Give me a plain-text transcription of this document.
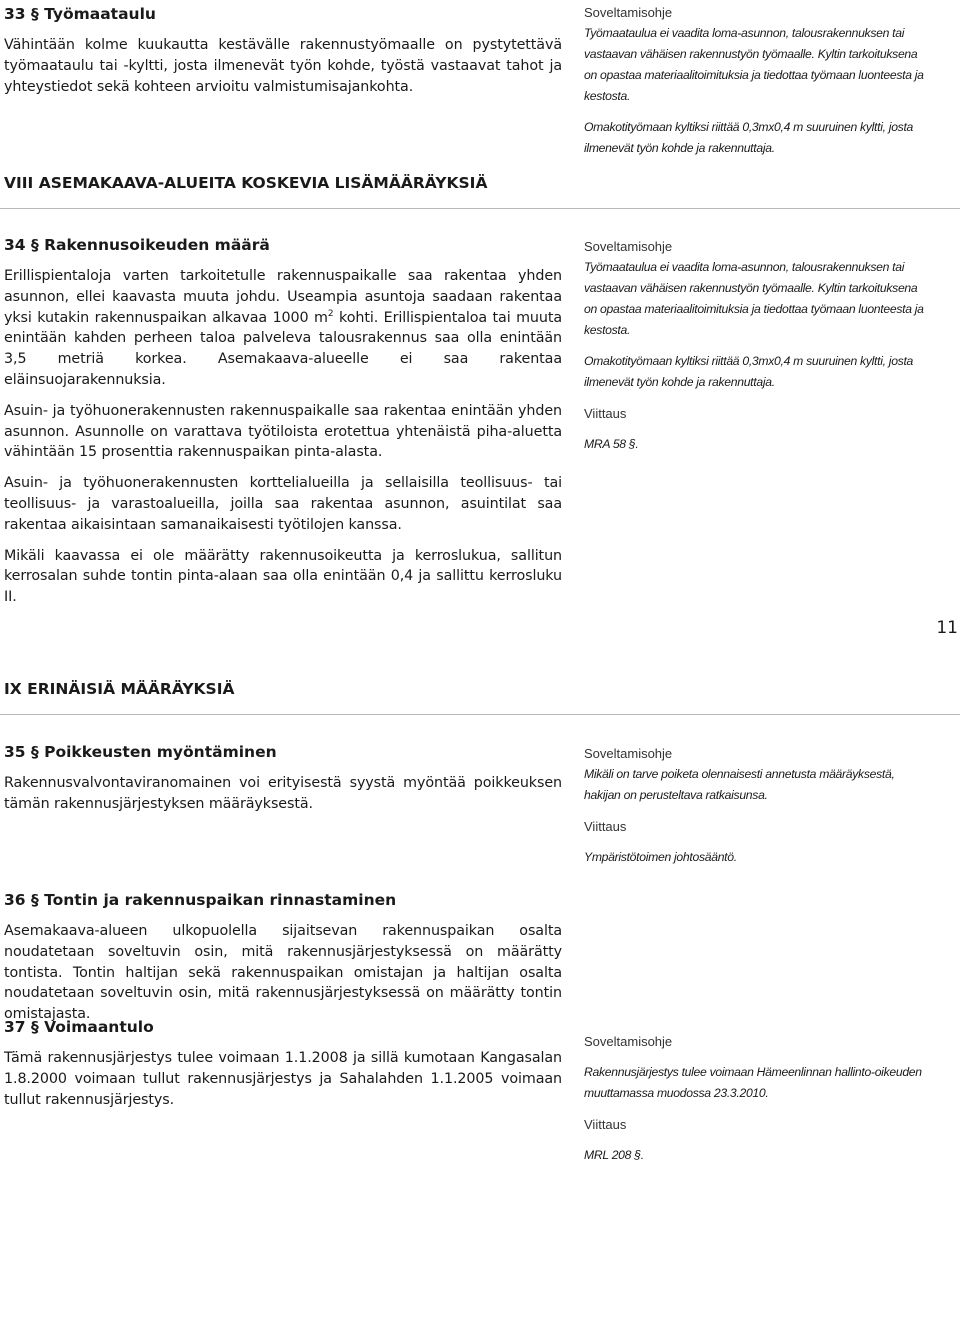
33 § Työmaataulu

Vähintään kolme kuukautta kestävälle rakennustyömaalle on pystytettävä työmaataulu tai -kyltti, josta ilmenevät työn kohde, työstä vastaavat tahot ja yhteystiedot sekä kohteen arvioitu valmistumisajankohta.

Soveltamisohje
Työmaataulua ei vaadita loma-asunnon, talousrakennuksen tai vastaavan vähäisen rakennustyön työmaalle. Kyltin tarkoituksena on opastaa materiaalitoimituksia ja tiedottaa työmaan luonteesta ja kestosta.
Omakotityömaan kyltiksi riittää 0,3mx0,4 m suuruinen kyltti, josta ilmenevät työn kohde ja rakennuttaja.
VIII ASEMAKAAVA-ALUEITA KOSKEVIA LISÄMÄÄRÄYKSIÄ
34 § Rakennusoikeuden määrä

Erillispientaloja varten tarkoitetulle rakennuspaikalle saa rakentaa yhden asunnon, ellei kaavasta muuta johdu. Useampia asuntoja saadaan rakentaa yksi kutakin rakennuspaikan alkavaa 1000 $m^2$ kohti. Erillispientaloa tai muuta enintään kahden perheen taloa palveleva talousrakennus saa olla enintään 3,5 metriä korkea. Asemakaava-alueelle ei saa rakentaa eläinsuojarakennuksia.

Asuin- ja työhuonerakennusten rakennuspaikalle saa rakentaa enintään yhden asunnon. Asunnolle on varattava työtiloista erotettua yhtenäistä piha-aluetta vähintään 15 prosenttia rakennuspaikan pinta-alasta.

Asuin- ja työhuonerakennusten korttelialueilla ja sellaisilla teollisuus- tai teollisuus- ja varastoalueilla, joilla saa rakentaa asunnon, asuintilat saa rakentaa aikaisintaan samanaikaisesti työtilojen kanssa.

Mikäli kaavassa ei ole määrätty rakennusoikeutta ja kerroslukua, sallitun kerrosalan suhde tontin pinta-alaan saa olla enintään 0,4 ja sallittu kerrosluku II.

Soveltamisohje
Työmaataulua ei vaadita loma-asunnon, talousrakennuksen tai vastaavan vähäisen rakennustyön työmaalle. Kyltin tarkoituksena on opastaa materiaalitoimituksia ja tiedottaa työmaan luonteesta ja kestosta.
Omakotityömaan kyltiksi riittää 0,3mx0,4 m suuruinen kyltti, josta ilmenevät työn kohde ja rakennuttaja.
Viittaus
MRA 58 §.
11
IX ERINÄISIÄ MÄÄRÄYKSIÄ
35 § Poikkeusten myöntäminen

Rakennusvalvontaviranomainen voi erityisestä syystä myöntää poikkeuksen tämän rakennusjärjestyksen määräyksestä.

Soveltamisohje
Mikäli on tarve poiketa olennaisesti annetusta määräyksestä, hakijan on perusteltava ratkaisunsa.
Viittaus
Ympäristötoimen johtosääntö.
36 § Tontin ja rakennuspaikan rinnastaminen

Asemakaava-alueen ulkopuolella sijaitsevan rakennuspaikan osalta noudatetaan soveltuvin osin, mitä rakennusjärjestyksessä on määrätty tontista. Tontin haltijan sekä rakennuspaikan omistajan ja haltijan osalta noudatetaan soveltuvin osin, mitä rakennusjärjestyksessä on määrätty tontin omistajasta.

37 § Voimaantulo

Tämä rakennusjärjestys tulee voimaan 1.1.2008 ja sillä kumotaan Kangasalan 1.8.2000 voimaan tullut rakennusjärjestys ja Sahalahden 1.1.2005 voimaan tullut rakennusjärjestys.

Soveltamisohje
Rakennusjärjestys tulee voimaan Hämeenlinnan hallinto-oikeuden muuttamassa muodossa 23.3.2010.
Viittaus
MRL 208 §.
